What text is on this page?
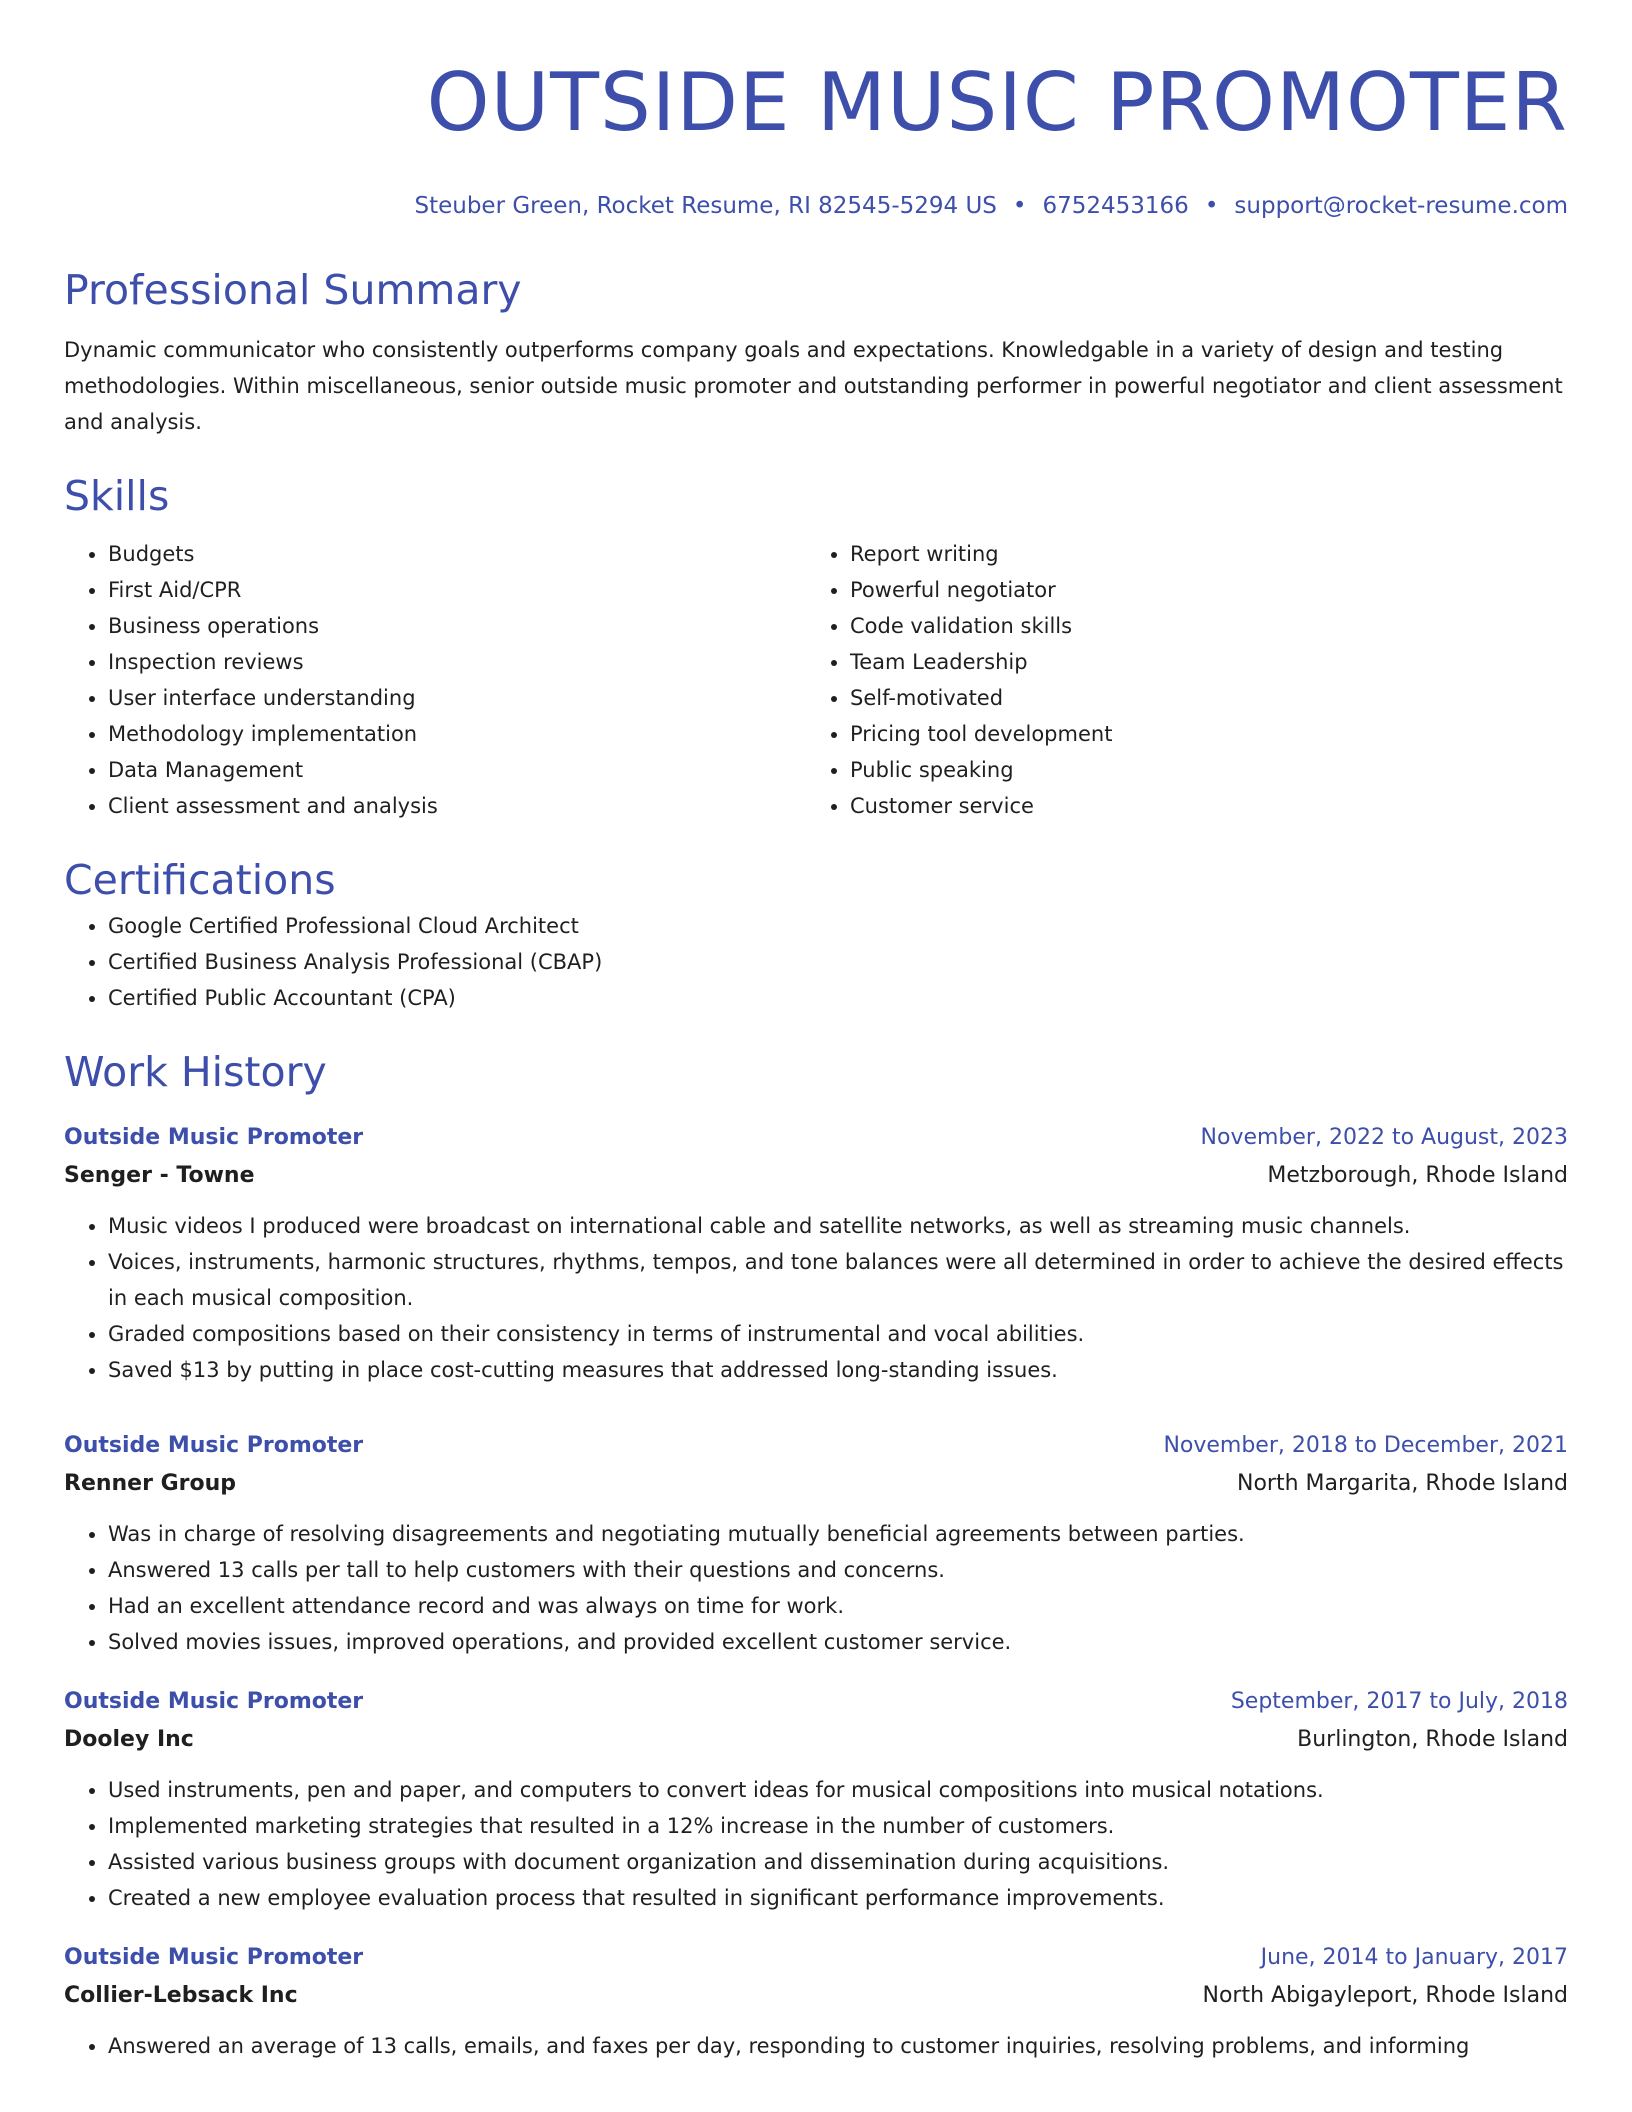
OUTSIDE MUSIC PROMOTER
Steuber Green, Rocket Resume, RI 82545-5294 US • 6752453166 • support@rocket-resume.com
Professional Summary
Dynamic communicator who consistently outperforms company goals and expectations. Knowledgable in a variety of design and testing methodologies. Within miscellaneous, senior outside music promoter and outstanding performer in powerful negotiator and client assessment and analysis.
Skills
• Budgets
• First Aid/CPR
• Business operations
• Inspection reviews
• User interface understanding
• Methodology implementation
• Data Management
• Client assessment and analysis
• Report writing
• Powerful negotiator
• Code validation skills
• Team Leadership
• Self-motivated
• Pricing tool development
• Public speaking
• Customer service
Certifications
• Google Certified Professional Cloud Architect
• Certified Business Analysis Professional (CBAP)
• Certified Public Accountant (CPA)
Work History
Outside Music Promoter	November, 2022 to August, 2023
Senger - Towne	Metzborough, Rhode Island
• Music videos I produced were broadcast on international cable and satellite networks, as well as streaming music channels.
• Voices, instruments, harmonic structures, rhythms, tempos, and tone balances were all determined in order to achieve the desired effects in each musical composition.
• Graded compositions based on their consistency in terms of instrumental and vocal abilities.
• Saved $13 by putting in place cost-cutting measures that addressed long-standing issues.
Outside Music Promoter	November, 2018 to December, 2021
Renner Group	North Margarita, Rhode Island
• Was in charge of resolving disagreements and negotiating mutually beneficial agreements between parties.
• Answered 13 calls per tall to help customers with their questions and concerns.
• Had an excellent attendance record and was always on time for work.
• Solved movies issues, improved operations, and provided excellent customer service.
Outside Music Promoter	September, 2017 to July, 2018
Dooley Inc	Burlington, Rhode Island
• Used instruments, pen and paper, and computers to convert ideas for musical compositions into musical notations.
• Implemented marketing strategies that resulted in a 12% increase in the number of customers.
• Assisted various business groups with document organization and dissemination during acquisitions.
• Created a new employee evaluation process that resulted in significant performance improvements.
Outside Music Promoter	June, 2014 to January, 2017
Collier-Lebsack Inc	North Abigayleport, Rhode Island
• Answered an average of 13 calls, emails, and faxes per day, responding to customer inquiries, resolving problems, and informing
